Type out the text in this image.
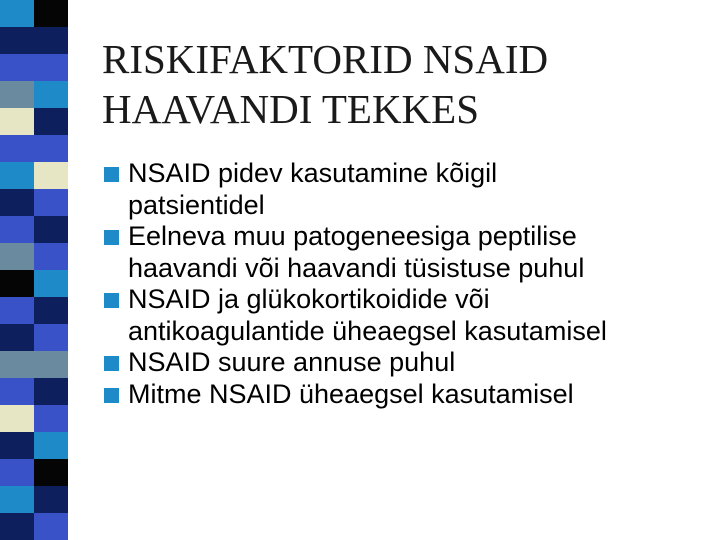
RISKIFAKTORID NSAID
HAAVANDI TEKKES
NSAID pidev kasutamine kõigil
patsientidel
Eelneva muu patogeneesiga peptilise
haavandi või haavandi tüsistuse puhul
NSAID ja glükokortikoidide või
antikoagulantide üheaegsel kasutamisel
NSAID suure annuse puhul
Mitme NSAID üheaegsel kasutamisel
